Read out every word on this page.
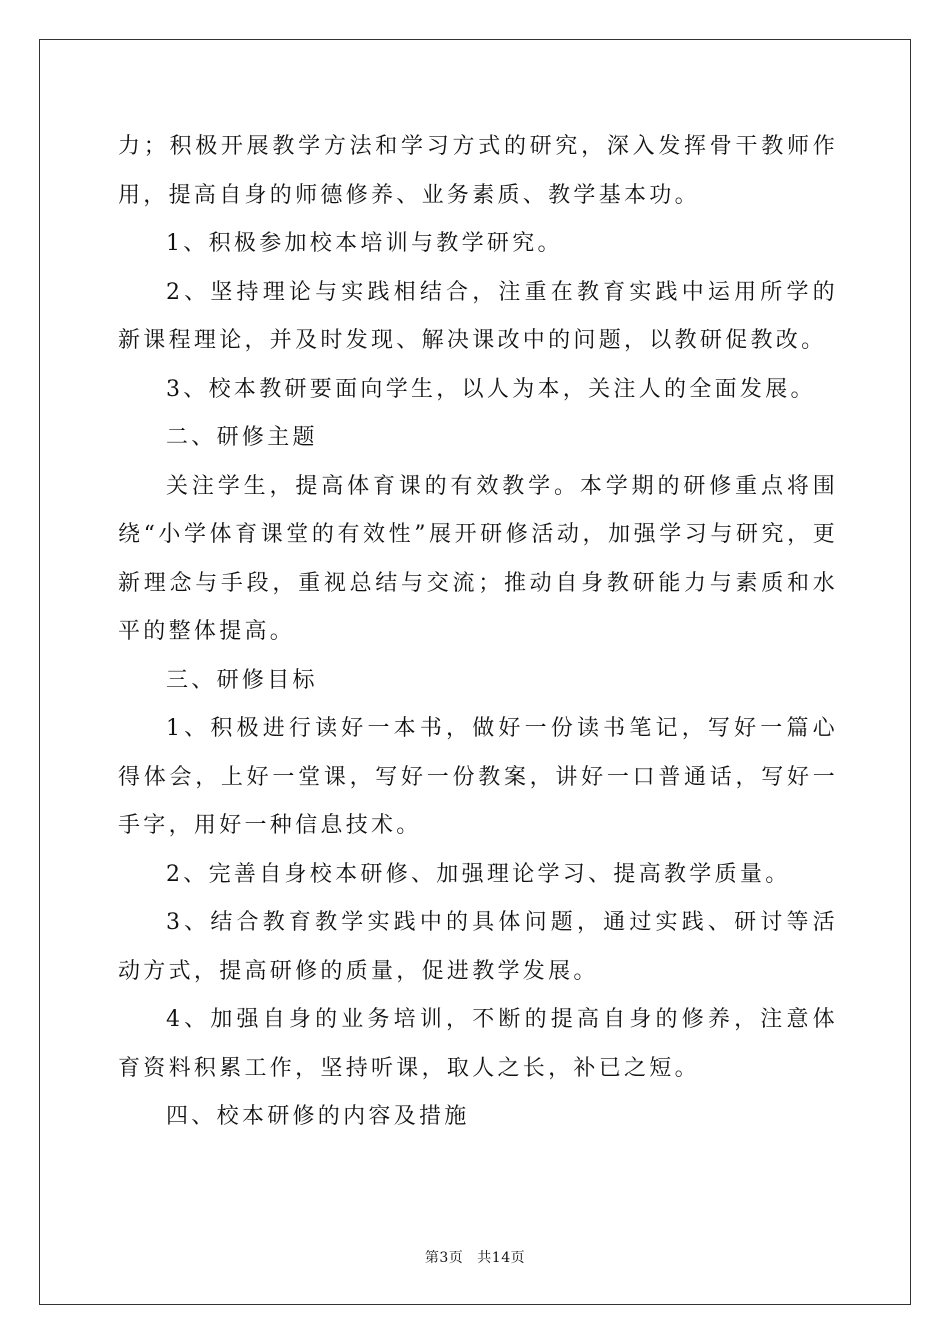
力；积极开展教学方法和学习方式的研究，深入发挥骨干教师作用，提高自身的师德修养、业务素质、教学基本功。

1、积极参加校本培训与教学研究。

2、坚持理论与实践相结合，注重在教育实践中运用所学的新课程理论，并及时发现、解决课改中的问题，以教研促教改。

3、校本教研要面向学生，以人为本，关注人的全面发展。

二、研修主题

关注学生，提高体育课的有效教学。本学期的研修重点将围绕“小学体育课堂的有效性”展开研修活动，加强学习与研究，更新理念与手段，重视总结与交流；推动自身教研能力与素质和水平的整体提高。

三、研修目标

1、积极进行读好一本书，做好一份读书笔记，写好一篇心得体会，上好一堂课，写好一份教案，讲好一口普通话，写好一手字，用好一种信息技术。

2、完善自身校本研修、加强理论学习、提高教学质量。

3、结合教育教学实践中的具体问题，通过实践、研讨等活动方式，提高研修的质量，促进教学发展。

4、加强自身的业务培训，不断的提高自身的修养，注意体育资料积累工作，坚持听课，取人之长，补已之短。

四、校本研修的内容及措施

第3页 共14页
